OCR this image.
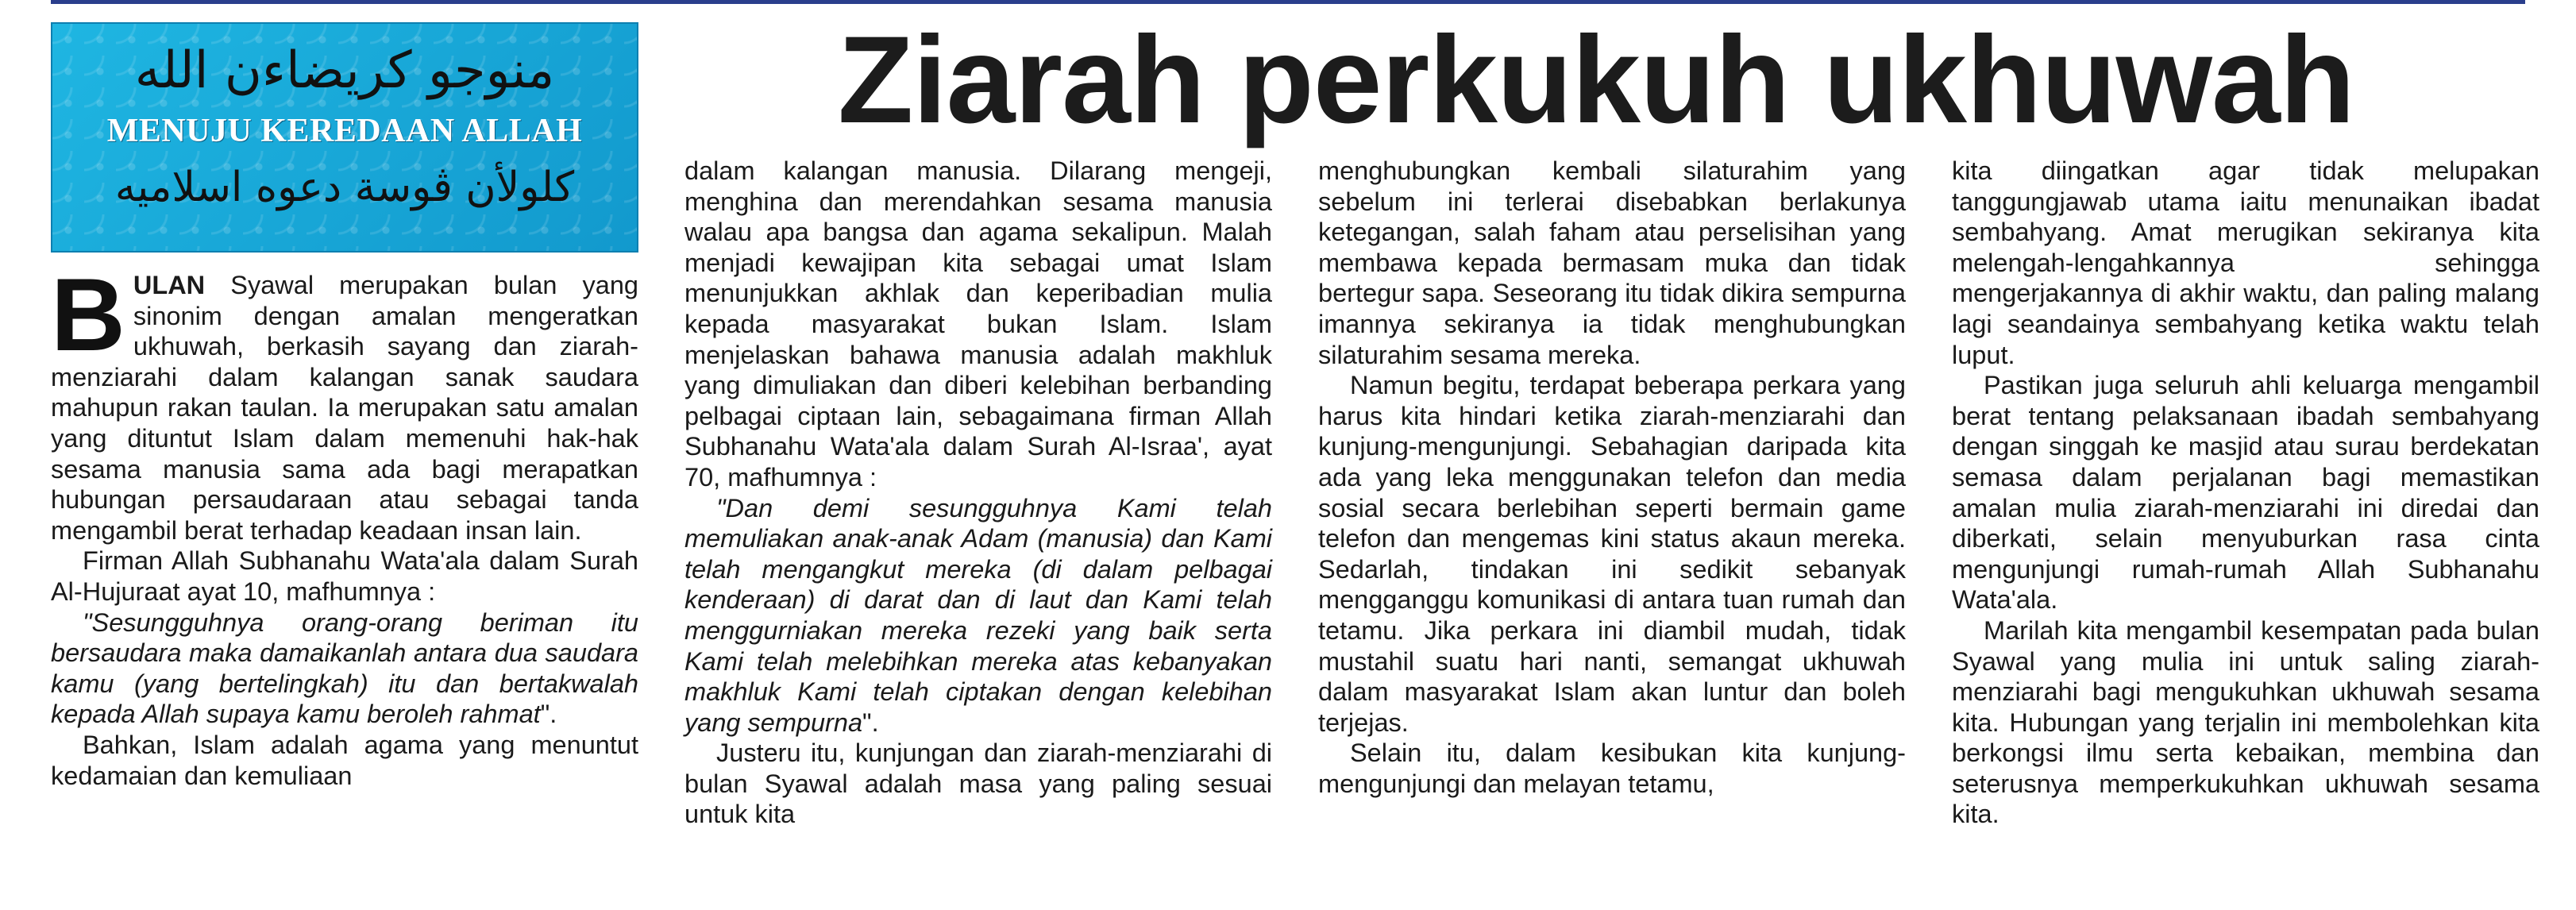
Ziarah perkukuh ukhuwah
منوجو كريضاءن الله
MENUJU KEREDAAN ALLAH
كلولأن ڤوسة دعوه اسلاميه

BULAN Syawal merupakan bulan yang sinonim dengan amalan mengeratkan ukhuwah, berkasih sayang dan ziarah-menziarahi dalam kalangan sanak saudara mahupun rakan taulan. Ia merupakan satu amalan yang dituntut Islam dalam memenuhi hak-hak sesama manusia sama ada bagi merapatkan hubungan persaudaraan atau sebagai tanda mengambil berat terhadap keadaan insan lain.

Firman Allah Subhanahu Wata'ala dalam Surah Al-Hujuraat ayat 10, mafhumnya :

"Sesungguhnya orang-orang beriman itu bersaudara maka damaikanlah antara dua saudara kamu (yang bertelingkah) itu dan bertakwalah kepada Allah supaya kamu beroleh rahmat".

Bahkan, Islam adalah agama yang menuntut kedamaian dan kemuliaan

dalam kalangan manusia. Dilarang mengeji, menghina dan merendahkan sesama manusia walau apa bangsa dan agama sekalipun. Malah menjadi kewajipan kita sebagai umat Islam menunjukkan akhlak dan keperibadian mulia kepada masyarakat bukan Islam. Islam menjelaskan bahawa manusia adalah makhluk yang dimuliakan dan diberi kelebihan berbanding pelbagai ciptaan lain, sebagaimana firman Allah Subhanahu Wata'ala dalam Surah Al-Israa', ayat 70, mafhumnya :

"Dan demi sesungguhnya Kami telah memuliakan anak-anak Adam (manusia) dan Kami telah mengangkut mereka (di dalam pelbagai kenderaan) di darat dan di laut dan Kami telah menggurniakan mereka rezeki yang baik serta Kami telah melebihkan mereka atas kebanyakan makhluk Kami telah ciptakan dengan kelebihan yang sempurna".

Justeru itu, kunjungan dan ziarah-menziarahi di bulan Syawal adalah masa yang paling sesuai untuk kita

menghubungkan kembali silaturahim yang sebelum ini terlerai disebabkan berlakunya ketegangan, salah faham atau perselisihan yang membawa kepada bermasam muka dan tidak bertegur sapa. Seseorang itu tidak dikira sempurna imannya sekiranya ia tidak menghubungkan silaturahim sesama mereka.

Namun begitu, terdapat beberapa perkara yang harus kita hindari ketika ziarah-menziarahi dan kunjung-mengunjungi. Sebahagian daripada kita ada yang leka menggunakan telefon dan media sosial secara berlebihan seperti bermain game telefon dan mengemas kini status akaun mereka. Sedarlah, tindakan ini sedikit sebanyak mengganggu komunikasi di antara tuan rumah dan tetamu. Jika perkara ini diambil mudah, tidak mustahil suatu hari nanti, semangat ukhuwah dalam masyarakat Islam akan luntur dan boleh terjejas.

Selain itu, dalam kesibukan kita kunjung-mengunjungi dan melayan tetamu,

kita diingatkan agar tidak melupakan tanggungjawab utama iaitu menunaikan ibadat sembahyang. Amat merugikan sekiranya kita melengah-lengahkannya sehingga mengerjakannya di akhir waktu, dan paling malang lagi seandainya sembahyang ketika waktu telah luput.

Pastikan juga seluruh ahli keluarga mengambil berat tentang pelaksanaan ibadah sembahyang dengan singgah ke masjid atau surau berdekatan semasa dalam perjalanan bagi memastikan amalan mulia ziarah-menziarahi ini diredai dan diberkati, selain menyuburkan rasa cinta mengunjungi rumah-rumah Allah Subhanahu Wata'ala.

Marilah kita mengambil kesempatan pada bulan Syawal yang mulia ini untuk saling ziarah-menziarahi bagi mengukuhkan ukhuwah sesama kita. Hubungan yang terjalin ini membolehkan kita berkongsi ilmu serta kebaikan, membina dan seterusnya memperkukuhkan ukhuwah sesama kita.
